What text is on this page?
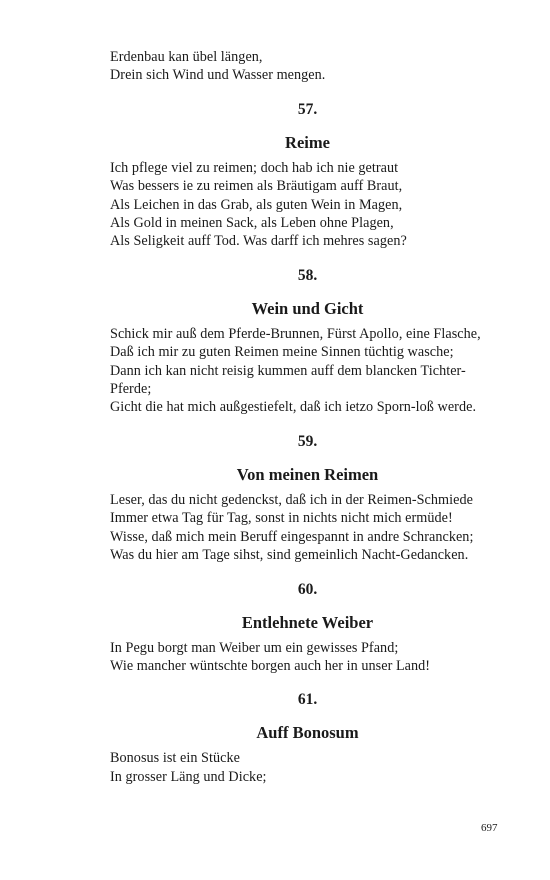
Erdenbau kan übel längen,
Drein sich Wind und Wasser mengen.
57.
Reime
Ich pflege viel zu reimen; doch hab ich nie getraut
Was bessers ie zu reimen als Bräutigam auff Braut,
Als Leichen in das Grab, als guten Wein in Magen,
Als Gold in meinen Sack, als Leben ohne Plagen,
Als Seligkeit auff Tod. Was darff ich mehres sagen?
58.
Wein und Gicht
Schick mir auß dem Pferde-Brunnen, Fürst Apollo, eine Flasche,
Daß ich mir zu guten Reimen meine Sinnen tüchtig wasche;
Dann ich kan nicht reisig kummen auff dem blancken Tichter-
Pferde;
Gicht die hat mich außgestiefelt, daß ich ietzo Sporn-loß werde.
59.
Von meinen Reimen
Leser, das du nicht gedenckst, daß ich in der Reimen-Schmiede
Immer etwa Tag für Tag, sonst in nichts nicht mich ermüde!
Wisse, daß mich mein Beruff eingespannt in andre Schrancken;
Was du hier am Tage sihst, sind gemeinlich Nacht-Gedancken.
60.
Entlehnete Weiber
In Pegu borgt man Weiber um ein gewisses Pfand;
Wie mancher wüntschte borgen auch her in unser Land!
61.
Auff Bonosum
Bonosus ist ein Stücke
In grosser Läng und Dicke;
697
